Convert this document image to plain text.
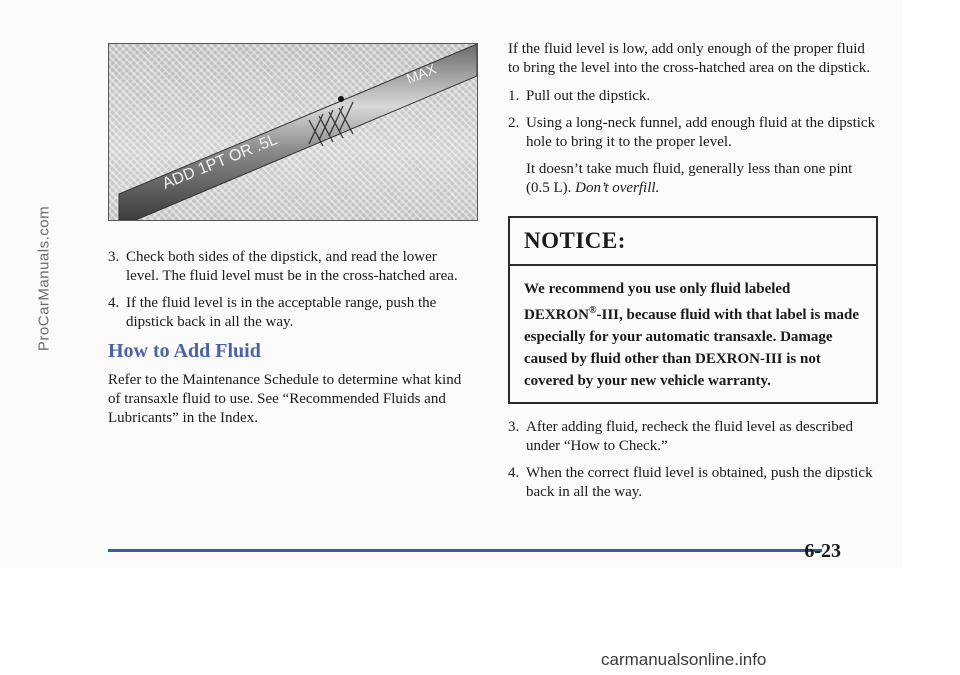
ADD 1PT OR .5L
MAX
3. Check both sides of the dipstick, and read the lower level. The fluid level must be in the cross-hatched area.
4. If the fluid level is in the acceptable range, push the dipstick back in all the way.
How to Add Fluid

Refer to the Maintenance Schedule to determine what kind of transaxle fluid to use. See “Recommended Fluids and Lubricants” in the Index.

If the fluid level is low, add only enough of the proper fluid to bring the level into the cross-hatched area on the dipstick.

1. Pull out the dipstick.
2. Using a long-neck funnel, add enough fluid at the dipstick hole to bring it to the proper level.

It doesn’t take much fluid, generally less than one pint (0.5 L). Don’t overfill.

NOTICE:
We recommend you use only fluid labeled DEXRON®-III, because fluid with that label is made especially for your automatic transaxle. Damage caused by fluid other than DEXRON-III is not covered by your new vehicle warranty.
3. After adding fluid, recheck the fluid level as described under “How to Check.”
4. When the correct fluid level is obtained, push the dipstick back in all the way.
6-23
ProCarManuals.com
carmanualsonline.info
